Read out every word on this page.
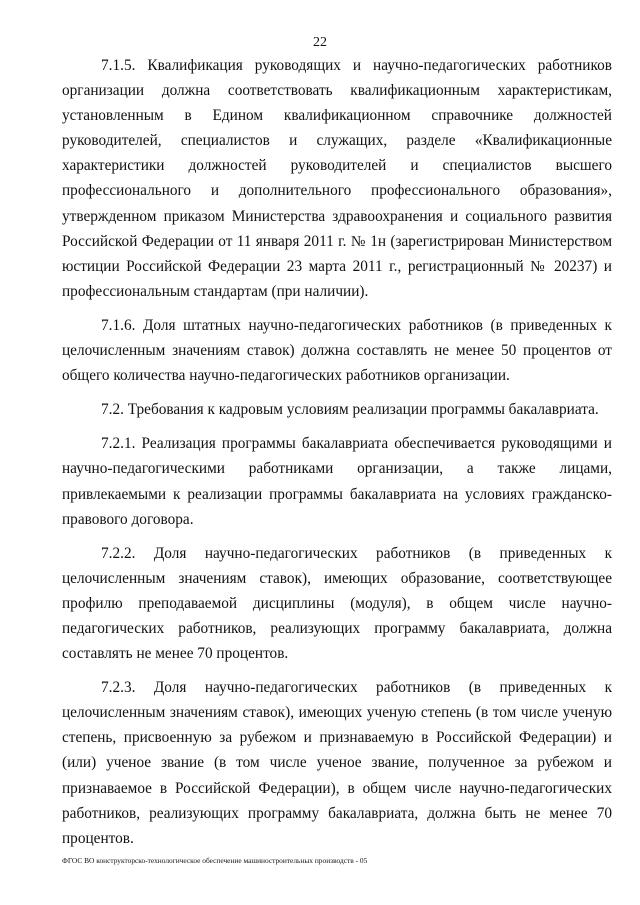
22

7.1.5. Квалификация руководящих и научно-педагогических работников организации должна соответствовать квалификационным характеристикам, установленным в Едином квалификационном справочнике должностей руководителей, специалистов и служащих, разделе «Квалификационные характеристики должностей руководителей и специалистов высшего профессионального и дополнительного профессионального образования», утвержденном приказом Министерства здравоохранения и социального развития Российской Федерации от 11 января 2011 г. № 1н (зарегистрирован Министерством юстиции Российской Федерации 23 марта 2011 г., регистрационный № 20237) и профессиональным стандартам (при наличии).

7.1.6. Доля штатных научно-педагогических работников (в приведенных к целочисленным значениям ставок) должна составлять не менее 50 процентов от общего количества научно-педагогических работников организации.

7.2. Требования к кадровым условиям реализации программы бакалавриата.

7.2.1. Реализация программы бакалавриата обеспечивается руководящими и научно-педагогическими работниками организации, а также лицами, привлекаемыми к реализации программы бакалавриата на условиях гражданско-правового договора.

7.2.2. Доля научно-педагогических работников (в приведенных к целочисленным значениям ставок), имеющих образование, соответствующее профилю преподаваемой дисциплины (модуля), в общем числе научно-педагогических работников, реализующих программу бакалавриата, должна составлять не менее 70 процентов.

7.2.3. Доля научно-педагогических работников (в приведенных к целочисленным значениям ставок), имеющих ученую степень (в том числе ученую степень, присвоенную за рубежом и признаваемую в Российской Федерации) и (или) ученое звание (в том числе ученое звание, полученное за рубежом и признаваемое в Российской Федерации), в общем числе научно-педагогических работников, реализующих программу бакалавриата, должна быть не менее 70 процентов.

ФГОС ВО конструкторско-технологическое обеспечение машиностроительных производств - 05
